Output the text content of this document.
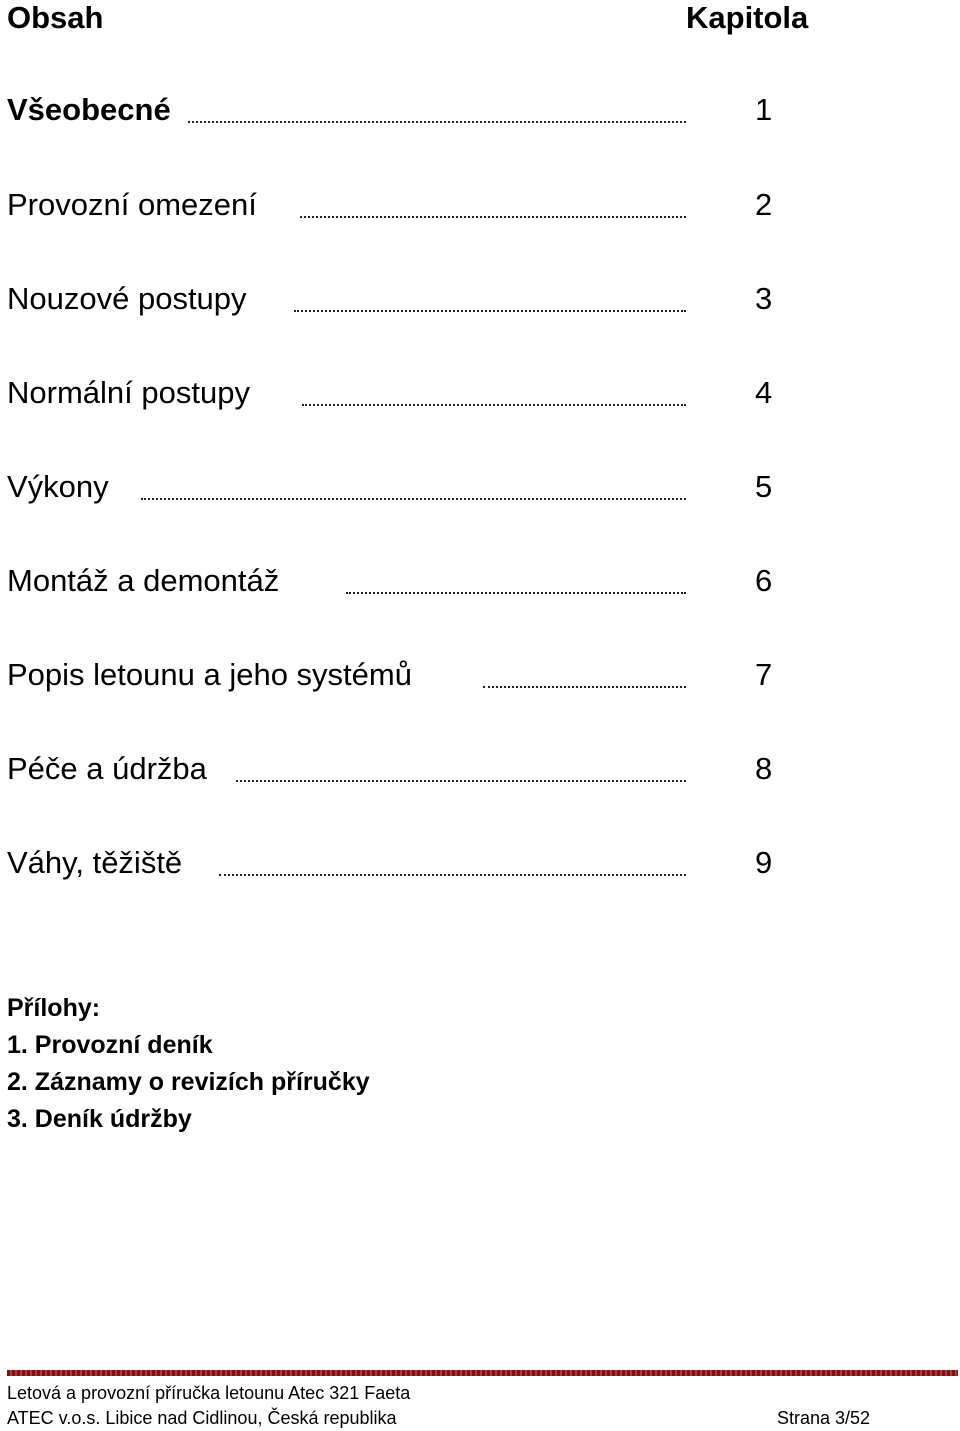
Obsah	Kapitola
Všeobecné	1
Provozní omezení	2
Nouzové postupy	3
Normální postupy	4
Výkony	5
Montáž a demontáž	6
Popis letounu a jeho systémů	7
Péče a údržba	8
Váhy, těžiště	9
Přílohy:
1. Provozní deník
2. Záznamy o revizích příručky
3. Deník údržby
Letová a provozní příručka letounu Atec 321 Faeta
ATEC v.o.s. Libice nad Cidlinou, Česká republika	Strana 3/52
